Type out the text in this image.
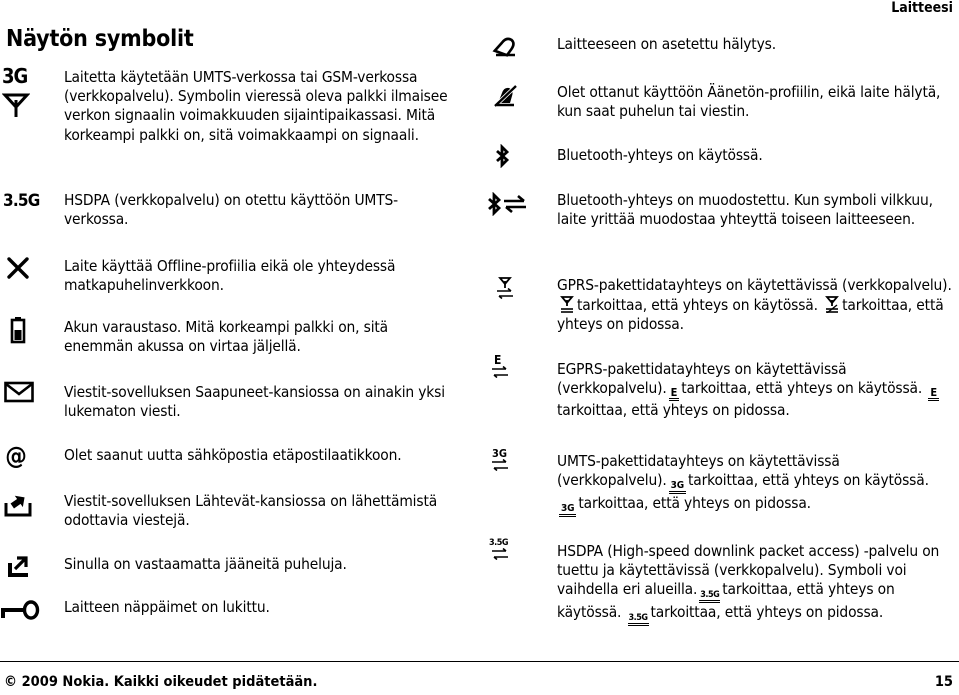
Laitteesi
Näytön symbolit
3G	Laitetta käytetään UMTS-verkossa tai GSM-verkossa (verkkopalvelu). Symbolin vieressä oleva palkki ilmaisee verkon signaalin voimakkuuden sijaintipaikassasi. Mitä korkeampi palkki on, sitä voimakkaampi on signaali.
3.5G HSDPA (verkkopalvelu) on otettu käyttöön UMTS-verkossa.
Laite käyttää Offline-profiilia eikä ole yhteydessä matkapuhelinverkkoon.
Akun varaustaso. Mitä korkeampi palkki on, sitä enemmän akussa on virtaa jäljellä.
Viestit-sovelluksen Saapuneet-kansiossa on ainakin yksi lukematon viesti.
@	Olet saanut uutta sähköpostia etäpostilaatikkoon.
Viestit-sovelluksen Lähtevät-kansiossa on lähettämistä odottavia viestejä.
Sinulla on vastaamatta jääneitä puheluja.
Laitteen näppäimet on lukittu.
Laitteeseen on asetettu hälytys.
Olet ottanut käyttöön Äänetön-profiilin, eikä laite hälytä, kun saat puhelun tai viestin.
Bluetooth-yhteys on käytössä.
Bluetooth-yhteys on muodostettu. Kun symboli vilkkuu, laite yrittää muodostaa yhteyttä toiseen laitteeseen.
GPRS-pakettidatayhteys on käytettävissä (verkkopalvelu).tarkoittaa, että yhteys on käytössä. tarkoittaa, että yhteys on pidossa.
E	EGPRS-pakettidatayhteys on käytettävissä (verkkopalvelu). E tarkoittaa, että yhteys on käytössä. Etarkoittaa, että yhteys on pidossa.
3G	UMTS-pakettidatayhteys on käytettävissä (verkkopalvelu). 3G tarkoittaa, että yhteys on käytössä. 3G tarkoittaa, että yhteys on pidossa.
3.5G	HSDPA (High-speed downlink packet access) -palvelu on tuettu ja käytettävissä (verkkopalvelu). Symboli voi vaihdella eri alueilla. 3.5G tarkoittaa, että yhteys on käytössä. 3.5G tarkoittaa, että yhteys on pidossa.
© 2009 Nokia. Kaikki oikeudet pidätetään.	15
